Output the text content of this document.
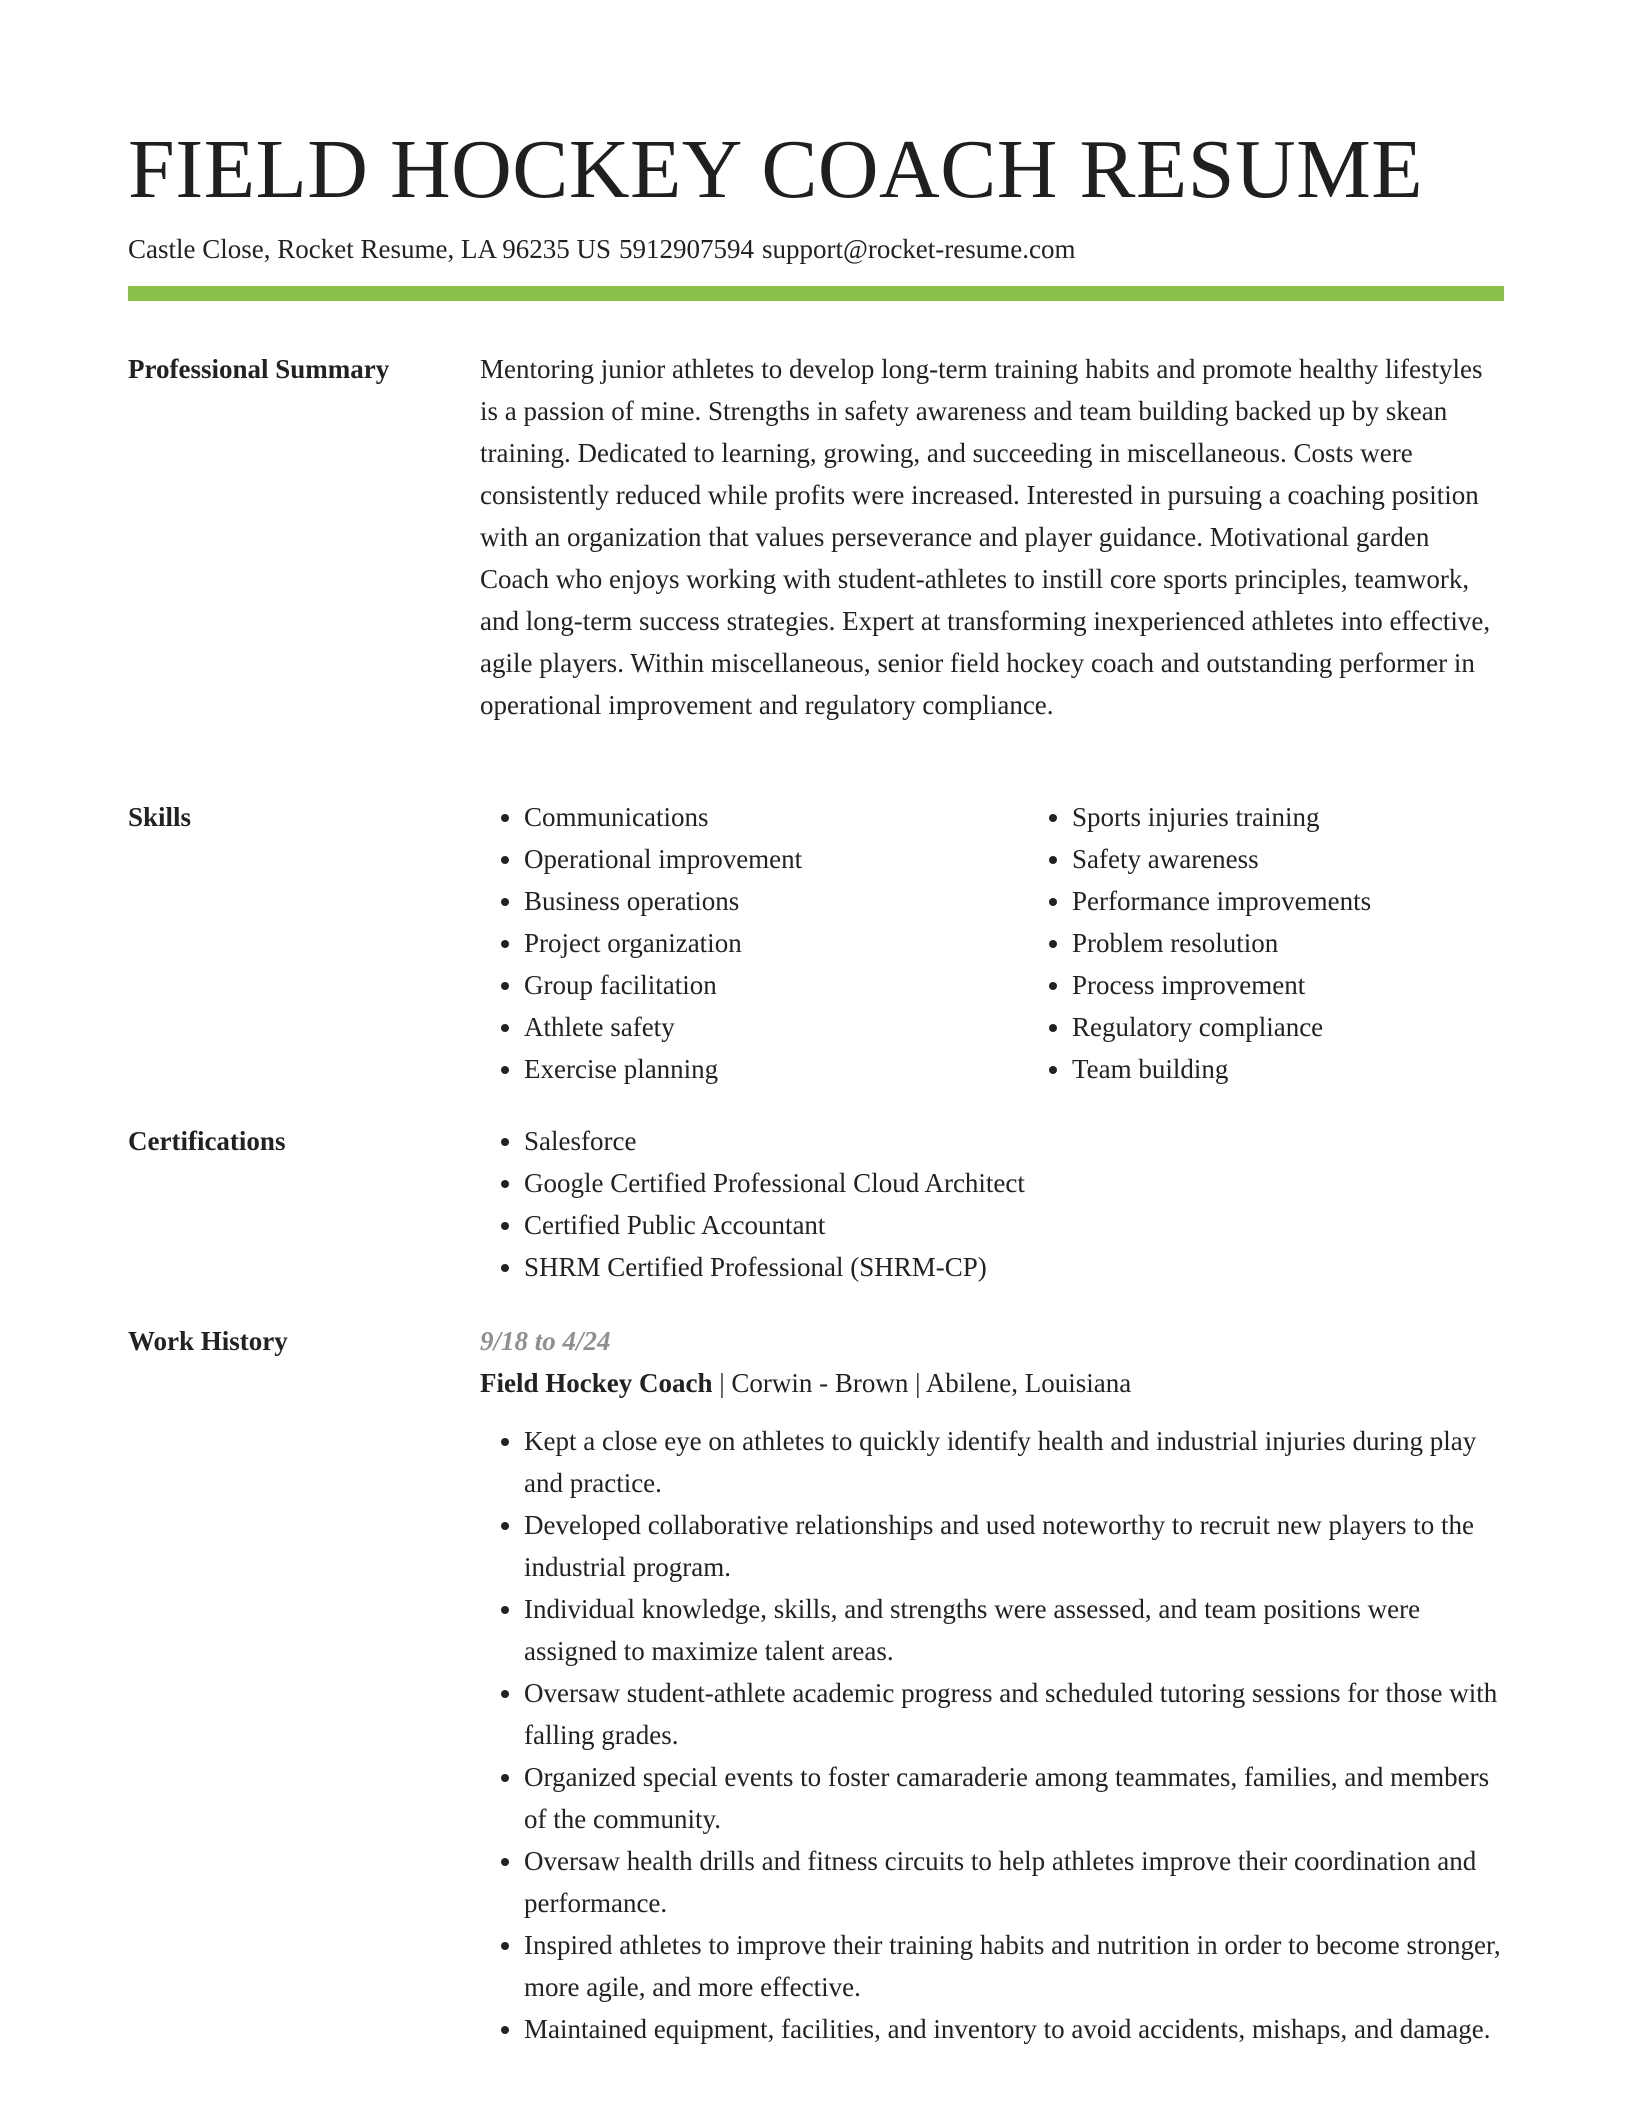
FIELD HOCKEY COACH RESUME
Castle Close, Rocket Resume, LA 96235 US 5912907594 support@rocket-resume.com
Professional Summary	Mentoring junior athletes to develop long-term training habits and promote healthy lifestyles is a passion of mine. Strengths in safety awareness and team building backed up by skean training. Dedicated to learning, growing, and succeeding in miscellaneous. Costs were consistently reduced while profits were increased. Interested in pursuing a coaching position with an organization that values perseverance and player guidance. Motivational garden Coach who enjoys working with student-athletes to instill core sports principles, teamwork, and long-term success strategies. Expert at transforming inexperienced athletes into effective, agile players. Within miscellaneous, senior field hockey coach and outstanding performer in operational improvement and regulatory compliance.

Skills	• Communications
• Operational improvement
• Business operations
• Project organization
• Group facilitation
• Athlete safety
• Exercise planning
• Sports injuries training
• Safety awareness
• Performance improvements
• Problem resolution
• Process improvement
• Regulatory compliance
• Team building
Certifications	• Salesforce
• Google Certified Professional Cloud Architect
• Certified Public Accountant
• SHRM Certified Professional (SHRM-CP)
Work History	9/18 to 4/24
Field Hockey Coach | Corwin - Brown | Abilene, Louisiana
• Kept a close eye on athletes to quickly identify health and industrial injuries during play and practice.
• Developed collaborative relationships and used noteworthy to recruit new players to the industrial program.
• Individual knowledge, skills, and strengths were assessed, and team positions were assigned to maximize talent areas.
• Oversaw student-athlete academic progress and scheduled tutoring sessions for those with falling grades.
• Organized special events to foster camaraderie among teammates, families, and members of the community.
• Oversaw health drills and fitness circuits to help athletes improve their coordination and performance.
• Inspired athletes to improve their training habits and nutrition in order to become stronger, more agile, and more effective.
• Maintained equipment, facilities, and inventory to avoid accidents, mishaps, and damage.
